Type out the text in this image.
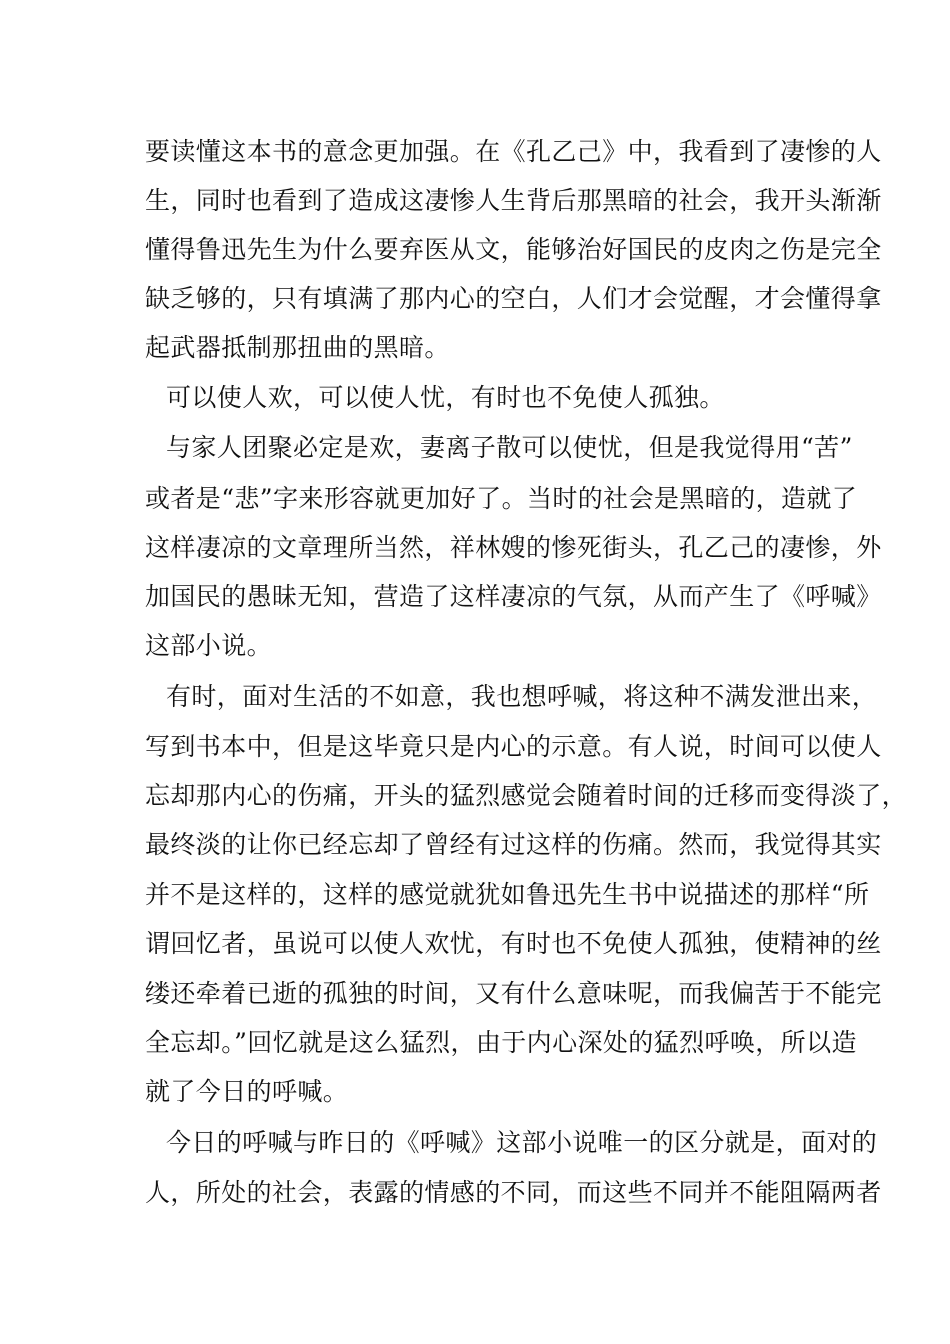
要读懂这本书的意念更加强。在《孔乙己》中，我看到了凄惨的人
生，同时也看到了造成这凄惨人生背后那黑暗的社会，我开头渐渐
懂得鲁迅先生为什么要弃医从文，能够治好国民的皮肉之伤是完全
缺乏够的，只有填满了那内心的空白，人们才会觉醒，才会懂得拿
起武器抵制那扭曲的黑暗。
可以使人欢，可以使人忧，有时也不免使人孤独。
与家人团聚必定是欢，妻离子散可以使忧，但是我觉得用“苦”
或者是“悲”字来形容就更加好了。当时的社会是黑暗的，造就了
这样凄凉的文章理所当然，祥林嫂的惨死街头，孔乙己的凄惨，外
加国民的愚昧无知，营造了这样凄凉的气氛，从而产生了《呼喊》
这部小说。
有时，面对生活的不如意，我也想呼喊，将这种不满发泄出来，
写到书本中，但是这毕竟只是内心的示意。有人说，时间可以使人
忘却那内心的伤痛，开头的猛烈感觉会随着时间的迁移而变得淡了，
最终淡的让你已经忘却了曾经有过这样的伤痛。然而，我觉得其实
并不是这样的，这样的感觉就犹如鲁迅先生书中说描述的那样“所
谓回忆者，虽说可以使人欢忧，有时也不免使人孤独，使精神的丝
缕还牵着已逝的孤独的时间，又有什么意味呢，而我偏苦于不能完
全忘却。”回忆就是这么猛烈，由于内心深处的猛烈呼唤，所以造
就了今日的呼喊。
今日的呼喊与昨日的《呼喊》这部小说唯一的区分就是，面对的
人，所处的社会，表露的情感的不同，而这些不同并不能阻隔两者
